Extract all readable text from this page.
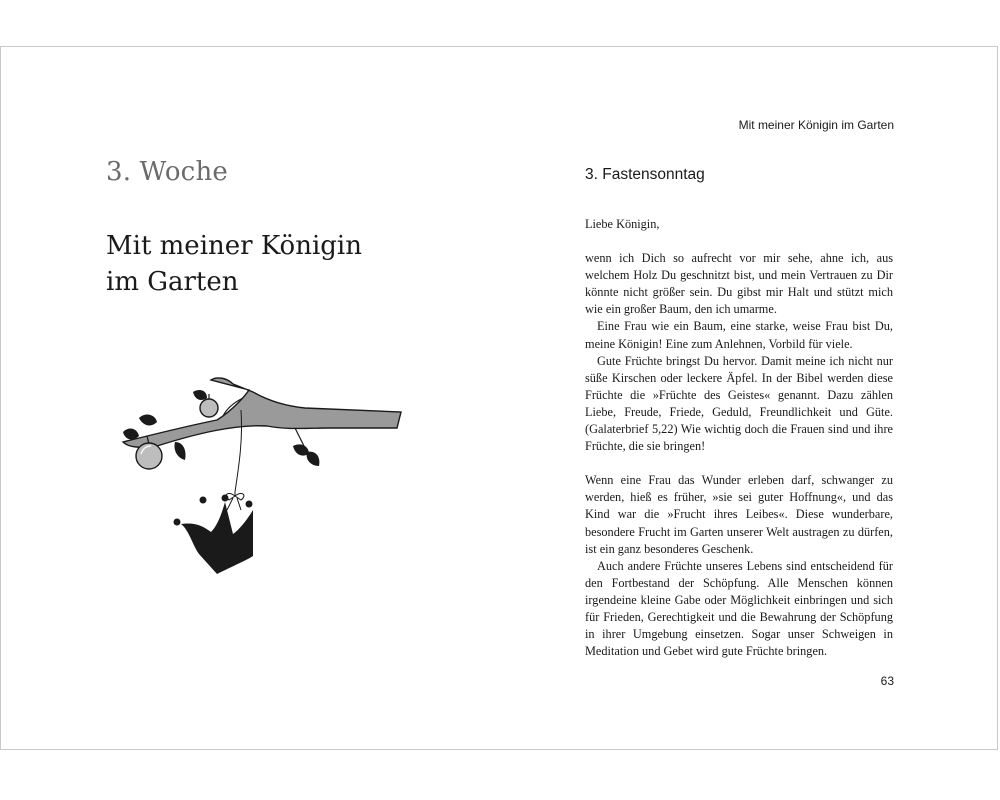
3. Woche
Mit meiner Königin
im Garten
Mit meiner Königin im Garten
3. Fastensonntag

Liebe Königin,

wenn ich Dich so aufrecht vor mir sehe, ahne ich, aus welchem Holz Du geschnitzt bist, und mein Vertrauen zu Dir könnte nicht größer sein. Du gibst mir Halt und stützt mich wie ein großer Baum, den ich umarme.

Eine Frau wie ein Baum, eine starke, weise Frau bist Du, meine Königin! Eine zum Anlehnen, Vorbild für viele.

Gute Früchte bringst Du hervor. Damit meine ich nicht nur süße Kirschen oder leckere Äpfel. In der Bibel werden diese Früchte die »Früchte des Geistes« genannt. Dazu zählen Liebe, Freude, Friede, Geduld, Freundlichkeit und Güte. (Galaterbrief 5,22) Wie wichtig doch die Frauen sind und ihre Früchte, die sie bringen!

Wenn eine Frau das Wunder erleben darf, schwanger zu werden, hieß es früher, »sie sei guter Hoffnung«, und das Kind war die »Frucht ihres Leibes«. Diese wunderbare, besondere Frucht im Garten unserer Welt austragen zu dürfen, ist ein ganz besonderes Geschenk.

Auch andere Früchte unseres Lebens sind entscheidend für den Fortbestand der Schöpfung. Alle Menschen können irgendeine kleine Gabe oder Möglichkeit einbringen und sich für Frieden, Gerechtigkeit und die Bewahrung der Schöpfung in ihrer Umgebung einsetzen. Sogar unser Schweigen in Meditation und Gebet wird gute Früchte bringen.

63
